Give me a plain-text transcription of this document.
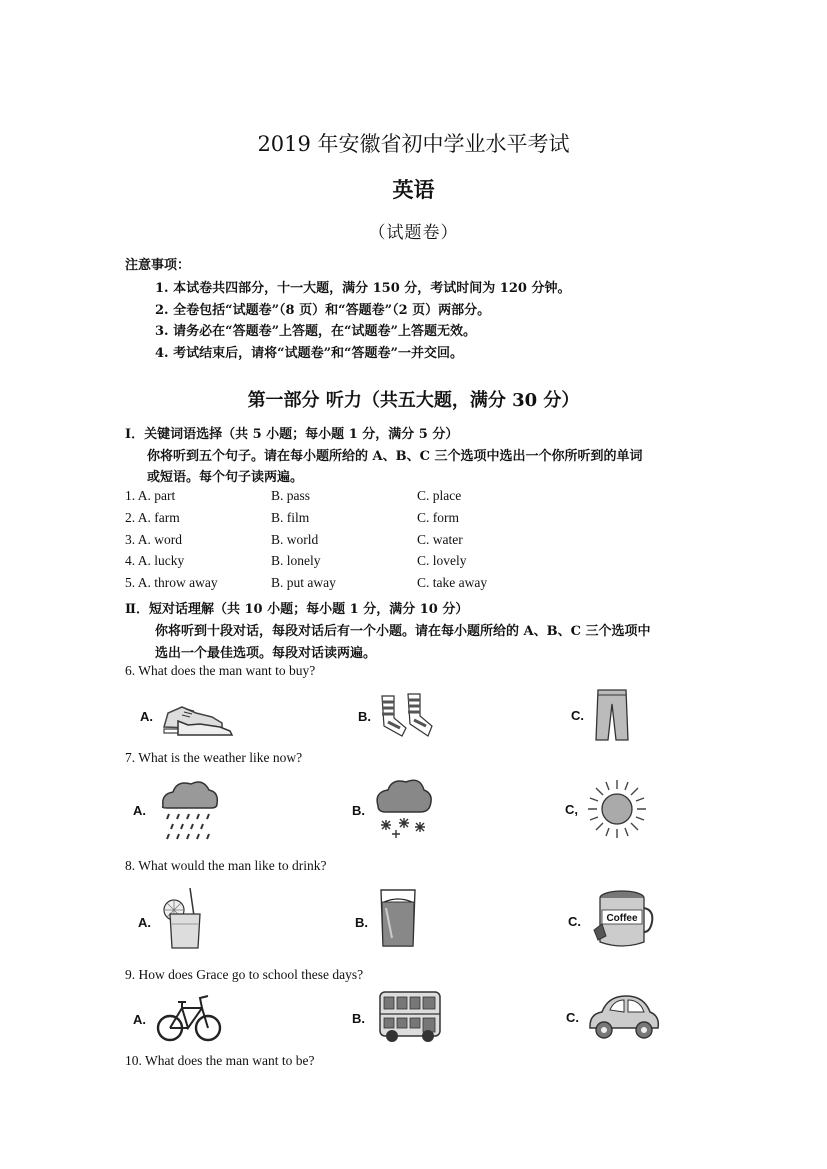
2019 年安徽省初中学业水平考试
英语
（试题卷）
注意事项：
1. 本试卷共四部分，十一大题，满分 150 分，考试时间为 120 分钟。
2. 全卷包括“试题卷”（8 页）和“答题卷”（2 页）两部分。
3. 请务必在“答题卷”上答题，在“试题卷”上答题无效。
4. 考试结束后，请将“试题卷”和“答题卷”一并交回。
第一部分 听力（共五大题，满分 30 分）
I．关键词语选择（共 5 小题；每小题 1 分，满分 5 分）
你将听到五个句子。请在每小题所给的 A、B、C 三个选项中选出一个你所听到的单词
或短语。每个句子读两遍。
1. A. part	B. pass	C. place
2. A. farm	B. film	C. form
3. A. word	B. world	C. water
4. A. lucky	B. lonely	C. lovely
5. A. throw away	B. put away	C. take away
Ⅱ．短对话理解（共 10 小题；每小题 1 分，满分 10 分）
你将听到十段对话，每段对话后有一个小题。请在每小题所给的 A、B、C 三个选项中
选出一个最佳选项。每段对话读两遍。
6. What does the man want to buy?
A.	B.	C.
7. What is the weather like now?
A.	B.	C,
8. What would the man like to drink?
A.	B.	C.	Coffee
9. How does Grace go to school these days?
A.	B.	C.
10. What does the man want to be?
